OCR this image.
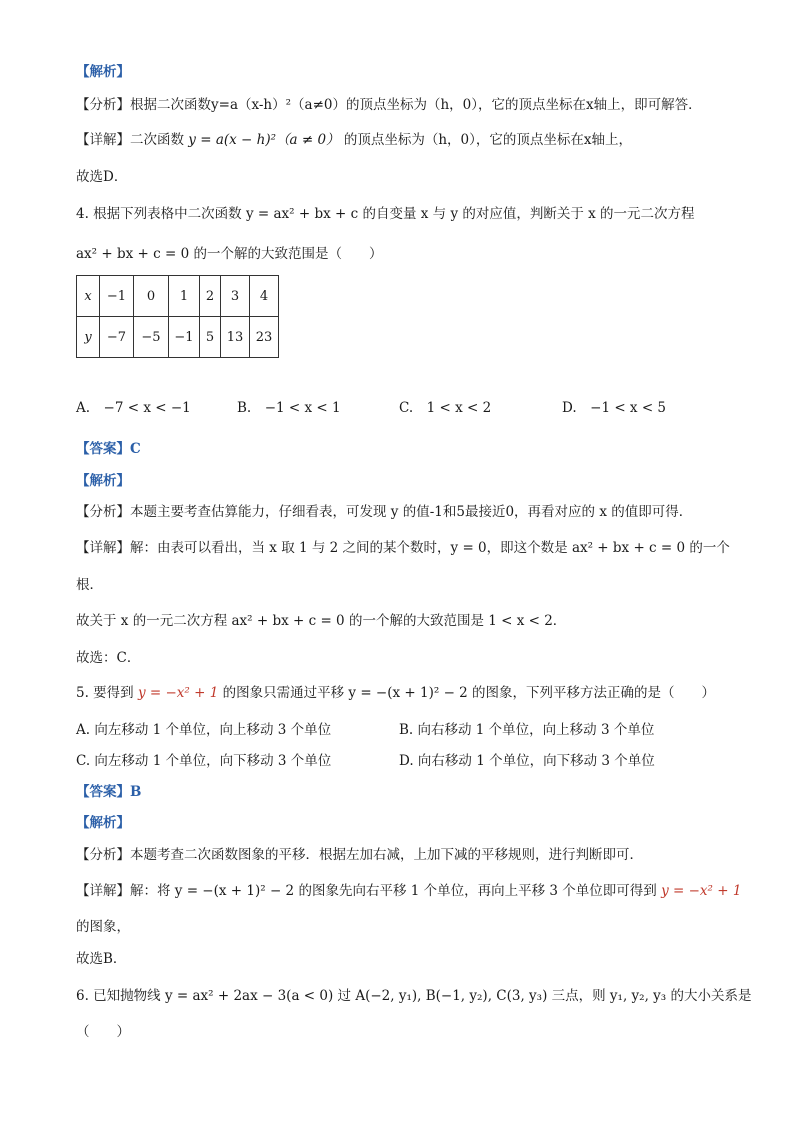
【解析】
【分析】根据二次函数y=a（x-h）²（a≠0）的顶点坐标为（h，0），它的顶点坐标在x轴上，即可解答．
【详解】二次函数 y = a(x − h)²（a ≠ 0） 的顶点坐标为（h，0），它的顶点坐标在x轴上，
故选D．
4. 根据下列表格中二次函数 y = ax² + bx + c 的自变量 x 与 y 的对应值，判断关于 x 的一元二次方程
ax² + bx + c = 0 的一个解的大致范围是（　　）
x	−1	0	1	2	3	4
y	−7	−5	−1	5	13	23
A.　−7 < x < −1	B.　−1 < x < 1	C.　1 < x < 2	D.　−1 < x < 5
【答案】C
【解析】
【分析】本题主要考查估算能力，仔细看表，可发现 y 的值-1和5最接近0，再看对应的 x 的值即可得．
【详解】解：由表可以看出，当 x 取 1 与 2 之间的某个数时，y = 0，即这个数是 ax² + bx + c = 0 的一个
根．
故关于 x 的一元二次方程 ax² + bx + c = 0 的一个解的大致范围是 1 < x < 2．
故选：C．
5. 要得到 y = −x² + 1 的图象只需通过平移 y = −(x + 1)² − 2 的图象，下列平移方法正确的是（　　）
A. 向左移动 1 个单位，向上移动 3 个单位	B. 向右移动 1 个单位，向上移动 3 个单位
C. 向左移动 1 个单位，向下移动 3 个单位	D. 向右移动 1 个单位，向下移动 3 个单位
【答案】B
【解析】
【分析】本题考查二次函数图象的平移．根据左加右减，上加下减的平移规则，进行判断即可．
【详解】解：将 y = −(x + 1)² − 2 的图象先向右平移 1 个单位，再向上平移 3 个单位即可得到 y = −x² + 1
的图象，
故选B．
6. 已知抛物线 y = ax² + 2ax − 3(a < 0) 过 A(−2, y₁), B(−1, y₂), C(3, y₃) 三点，则 y₁, y₂, y₃ 的大小关系是
（　　）
